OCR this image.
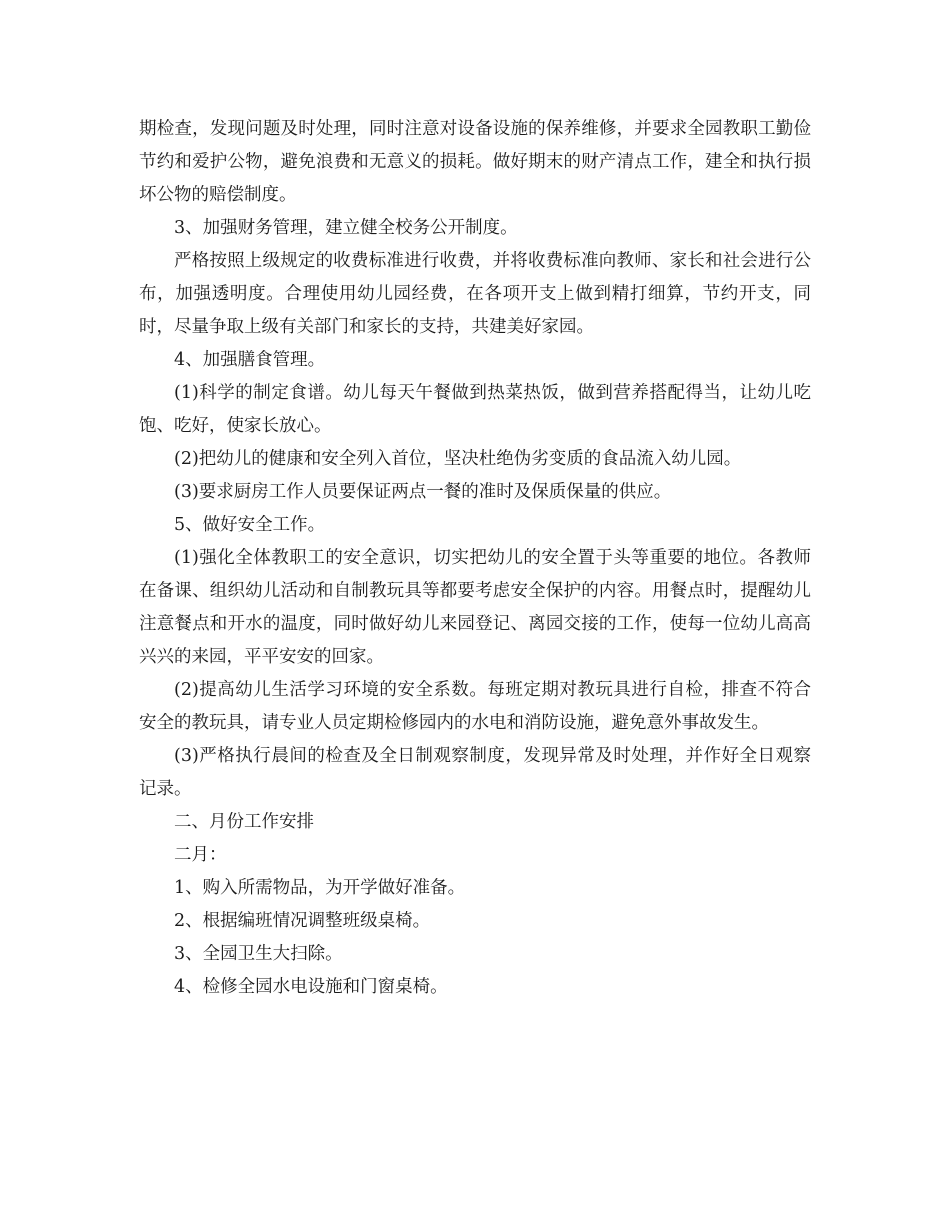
期检查，发现问题及时处理，同时注意对设备设施的保养维修，并要求全园教职工勤俭节约和爱护公物，避免浪费和无意义的损耗。做好期末的财产清点工作，建全和执行损坏公物的赔偿制度。

3、加强财务管理，建立健全校务公开制度。

严格按照上级规定的收费标准进行收费，并将收费标准向教师、家长和社会进行公布，加强透明度。合理使用幼儿园经费，在各项开支上做到精打细算，节约开支，同时，尽量争取上级有关部门和家长的支持，共建美好家园。

4、加强膳食管理。

(1)科学的制定食谱。幼儿每天午餐做到热菜热饭，做到营养搭配得当，让幼儿吃饱、吃好，使家长放心。

(2)把幼儿的健康和安全列入首位，坚决杜绝伪劣变质的食品流入幼儿园。

(3)要求厨房工作人员要保证两点一餐的准时及保质保量的供应。

5、做好安全工作。

(1)强化全体教职工的安全意识，切实把幼儿的安全置于头等重要的地位。各教师在备课、组织幼儿活动和自制教玩具等都要考虑安全保护的内容。用餐点时，提醒幼儿注意餐点和开水的温度，同时做好幼儿来园登记、离园交接的工作，使每一位幼儿高高兴兴的来园，平平安安的回家。

(2)提高幼儿生活学习环境的安全系数。每班定期对教玩具进行自检，排查不符合安全的教玩具，请专业人员定期检修园内的水电和消防设施，避免意外事故发生。

(3)严格执行晨间的检查及全日制观察制度，发现异常及时处理，并作好全日观察记录。

二、月份工作安排

二月：

1、购入所需物品，为开学做好准备。

2、根据编班情况调整班级桌椅。

3、全园卫生大扫除。

4、检修全园水电设施和门窗桌椅。
